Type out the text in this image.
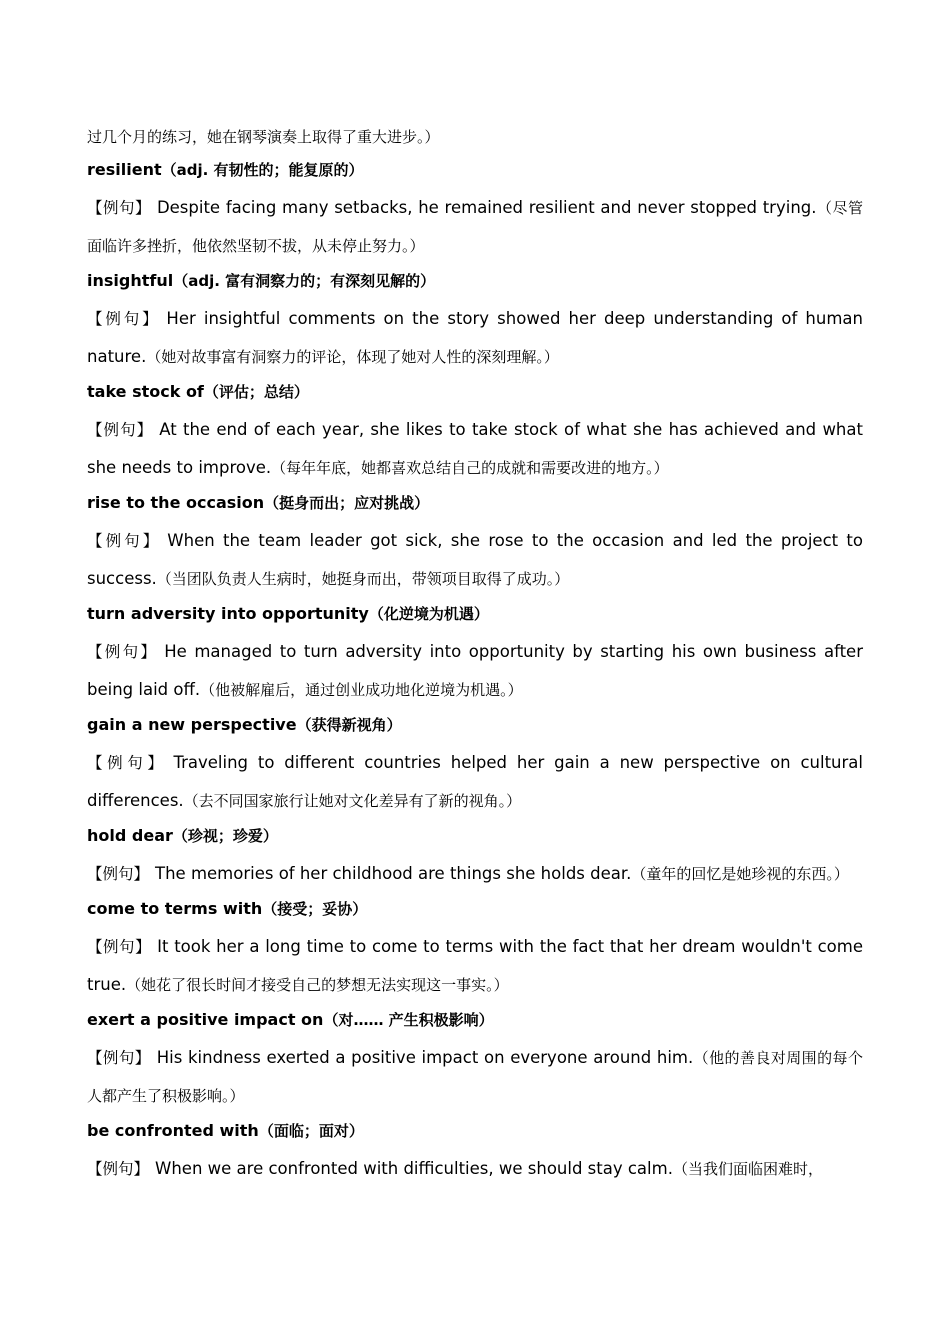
过几个月的练习，她在钢琴演奏上取得了重大进步。）
resilient（adj. 有韧性的；能复原的）
【例句】 Despite facing many setbacks, he remained resilient and never stopped trying.（尽管面临许多挫折，他依然坚韧不拔，从未停止努力。）
insightful（adj. 富有洞察力的；有深刻见解的）
【例句】 Her insightful comments on the story showed her deep understanding of human nature.（她对故事富有洞察力的评论，体现了她对人性的深刻理解。）
take stock of（评估；总结）
【例句】 At the end of each year, she likes to take stock of what she has achieved and what she needs to improve.（每年年底，她都喜欢总结自己的成就和需要改进的地方。）
rise to the occasion（挺身而出；应对挑战）
【例句】 When the team leader got sick, she rose to the occasion and led the project to success.（当团队负责人生病时，她挺身而出，带领项目取得了成功。）
turn adversity into opportunity（化逆境为机遇）
【例句】 He managed to turn adversity into opportunity by starting his own business after being laid off.（他被解雇后，通过创业成功地化逆境为机遇。）
gain a new perspective（获得新视角）
【例句】 Traveling to different countries helped her gain a new perspective on cultural differences.（去不同国家旅行让她对文化差异有了新的视角。）
hold dear（珍视；珍爱）
【例句】 The memories of her childhood are things she holds dear.（童年的回忆是她珍视的东西。）
come to terms with（接受；妥协）
【例句】 It took her a long time to come to terms with the fact that her dream wouldn't come true.（她花了很长时间才接受自己的梦想无法实现这一事实。）
exert a positive impact on（对…… 产生积极影响）
【例句】 His kindness exerted a positive impact on everyone around him.（他的善良对周围的每个人都产生了积极影响。）
be confronted with（面临；面对）
【例句】 When we are confronted with difficulties, we should stay calm.（当我们面临困难时，
